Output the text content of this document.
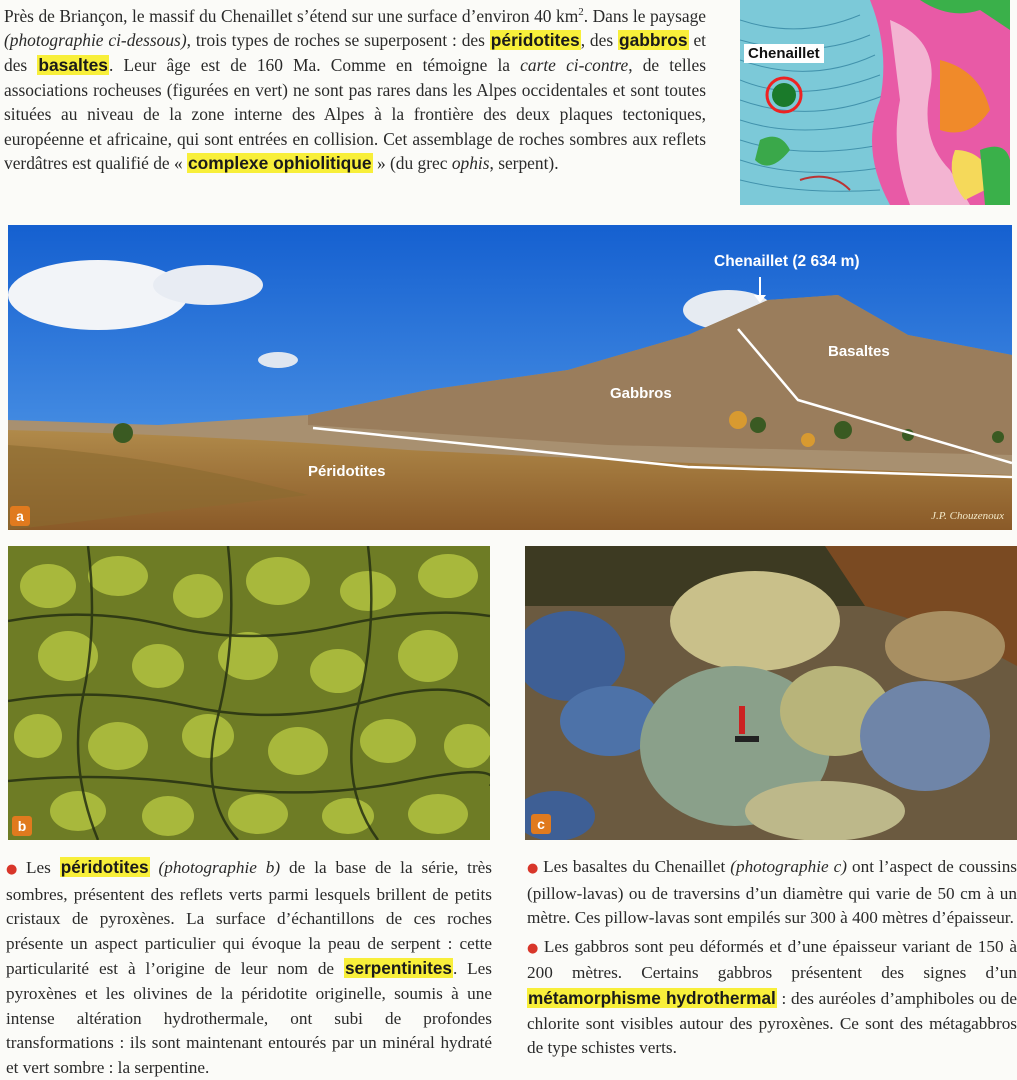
Près de Briançon, le massif du Chenaillet s’étend sur une surface d’environ 40 $km^2$. Dans le paysage (photographie ci-dessous), trois types de roches se superposent : des péridotites, des gabbros et des basaltes. Leur âge est de 160 Ma. Comme en témoigne la carte ci-contre, de telles associations rocheuses (figurées en vert) ne sont pas rares dans les Alpes occidentales et sont toutes situées au niveau de la zone interne des Alpes à la frontière des deux plaques tectoniques, européenne et africaine, qui sont entrées en collision. Cet assemblage de roches sombres aux reflets verdâtres est qualifié de « complexe ophiolitique » (du grec ophis, serpent).
Chenaillet
Chenaillet (2 634 m)
Basaltes
Gabbros
Péridotites
a	J.P. Chouzenoux
b	c
● Les péridotites (photographie b) de la base de la série, très sombres, présentent des reflets verts parmi lesquels brillent de petits cristaux de pyroxènes. La surface d’échantillons de ces roches présente un aspect particulier qui évoque la peau de serpent : cette particularité est à l’origine de leur nom de serpentinites. Les pyroxènes et les olivines de la péridotite originelle, soumis à une intense altération hydrothermale, ont subi de profondes transformations : ils sont maintenant entourés par un minéral hydraté et vert sombre : la serpentine.

● Les basaltes du Chenaillet (photographie c) ont l’aspect de coussins (pillow-lavas) ou de traversins d’un diamètre qui varie de 50 cm à un mètre. Ces pillow-lavas sont empilés sur 300 à 400 mètres d’épaisseur.

● Les gabbros sont peu déformés et d’une épaisseur variant de 150 à 200 mètres. Certains gabbros présentent des signes d’un métamorphisme hydrothermal : des auréoles d’amphiboles ou de chlorite sont visibles autour des pyroxènes. Ce sont des métagabbros de type schistes verts.
